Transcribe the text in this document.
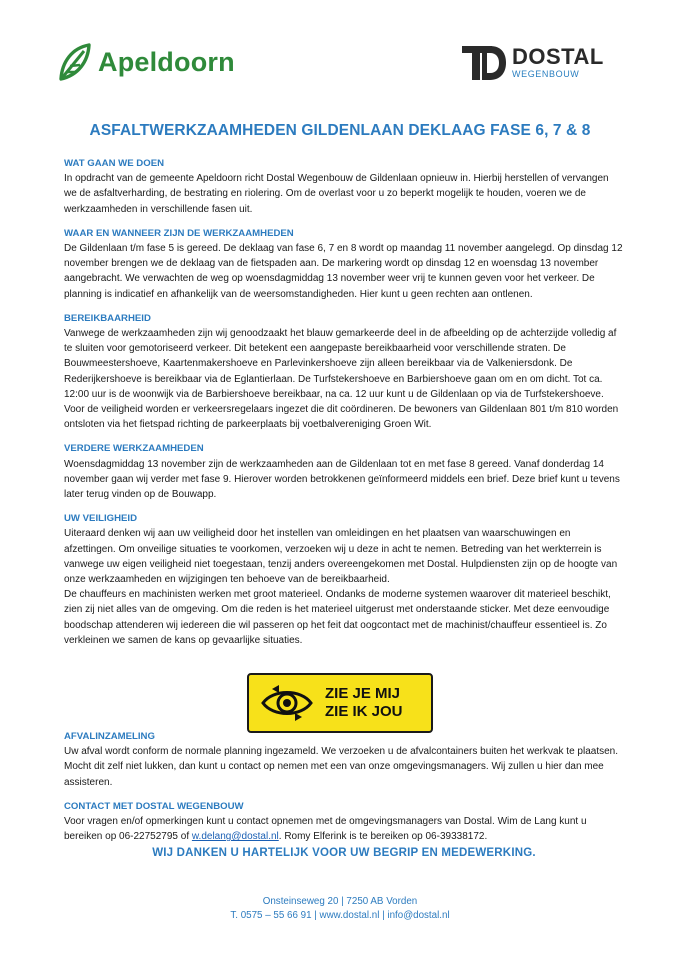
Apeldoorn	DOSTAL
WEGENBOUW
ASFALTWERKZAAMHEDEN GILDENLAAN DEKLAAG FASE 6, 7 & 8
WAT GAAN WE DOEN

In opdracht van de gemeente Apeldoorn richt Dostal Wegenbouw de Gildenlaan opnieuw in. Hierbij herstellen of vervangen we de asfaltverharding, de bestrating en riolering. Om de overlast voor u zo beperkt mogelijk te houden, voeren we de werkzaamheden in verschillende fasen uit.

WAAR EN WANNEER ZIJN DE WERKZAAMHEDEN

De Gildenlaan t/m fase 5 is gereed. De deklaag van fase 6, 7 en 8 wordt op maandag 11 november aangelegd. Op dinsdag 12 november brengen we de deklaag van de fietspaden aan. De markering wordt op dinsdag 12 en woensdag 13 november aangebracht. We verwachten de weg op woensdagmiddag 13 november weer vrij te kunnen geven voor het verkeer. De planning is indicatief en afhankelijk van de weersomstandigheden. Hier kunt u geen rechten aan ontlenen.

BEREIKBAARHEID

Vanwege de werkzaamheden zijn wij genoodzaakt het blauw gemarkeerde deel in de afbeelding op de achterzijde volledig af te sluiten voor gemotoriseerd verkeer. Dit betekent een aangepaste bereikbaarheid voor verschillende straten. De Bouwmeestershoeve, Kaartenmakershoeve en Parlevinkershoeve zijn alleen bereikbaar via de Valkeniersdonk. De Rederijkershoeve is bereikbaar via de Eglantierlaan. De Turfstekershoeve en Barbiershoeve gaan om en om dicht. Tot ca. 12:00 uur is de woonwijk via de Barbiershoeve bereikbaar, na ca. 12 uur kunt u de Gildenlaan op via de Turfstekershoeve. Voor de veiligheid worden er verkeersregelaars ingezet die dit coördineren. De bewoners van Gildenlaan 801 t/m 810 worden ontsloten via het fietspad richting de parkeerplaats bij voetbalvereniging Groen Wit.

VERDERE WERKZAAMHEDEN

Woensdagmiddag 13 november zijn de werkzaamheden aan de Gildenlaan tot en met fase 8 gereed. Vanaf donderdag 14 november gaan wij verder met fase 9. Hierover worden betrokkenen geïnformeerd middels een brief. Deze brief kunt u tevens later terug vinden op de Bouwapp.

UW VEILIGHEID

Uiteraard denken wij aan uw veiligheid door het instellen van omleidingen en het plaatsen van waarschuwingen en afzettingen. Om onveilige situaties te voorkomen, verzoeken wij u deze in acht te nemen. Betreding van het werkterrein is vanwege uw eigen veiligheid niet toegestaan, tenzij anders overeengekomen met Dostal. Hulpdiensten zijn op de hoogte van onze werkzaamheden en wijzigingen ten behoeve van de bereikbaarheid.

De chauffeurs en machinisten werken met groot materieel. Ondanks de moderne systemen waarover dit materieel beschikt, zien zij niet alles van de omgeving. Om die reden is het materieel uitgerust met onderstaande sticker. Met deze eenvoudige boodschap attenderen wij iedereen die wil passeren op het feit dat oogcontact met de machinist/chauffeur essentieel is. Zo verkleinen we samen de kans op gevaarlijke situaties.

ZIE JE MIJ
ZIE IK JOU
AFVALINZAMELING

Uw afval wordt conform de normale planning ingezameld. We verzoeken u de afvalcontainers buiten het werkvak te plaatsen. Mocht dit zelf niet lukken, dan kunt u contact op nemen met een van onze omgevingsmanagers. Wij zullen u hier dan mee assisteren.

CONTACT MET DOSTAL WEGENBOUW

Voor vragen en/of opmerkingen kunt u contact opnemen met de omgevingsmanagers van Dostal. Wim de Lang kunt u bereiken op 06-22752795 of w.delang@dostal.nl. Romy Elferink is te bereiken op 06-39338172.

WIJ DANKEN U HARTELIJK VOOR UW BEGRIP EN MEDEWERKING.
Onsteinseweg 20 | 7250 AB Vorden
T. 0575 – 55 66 91 | www.dostal.nl | info@dostal.nl
